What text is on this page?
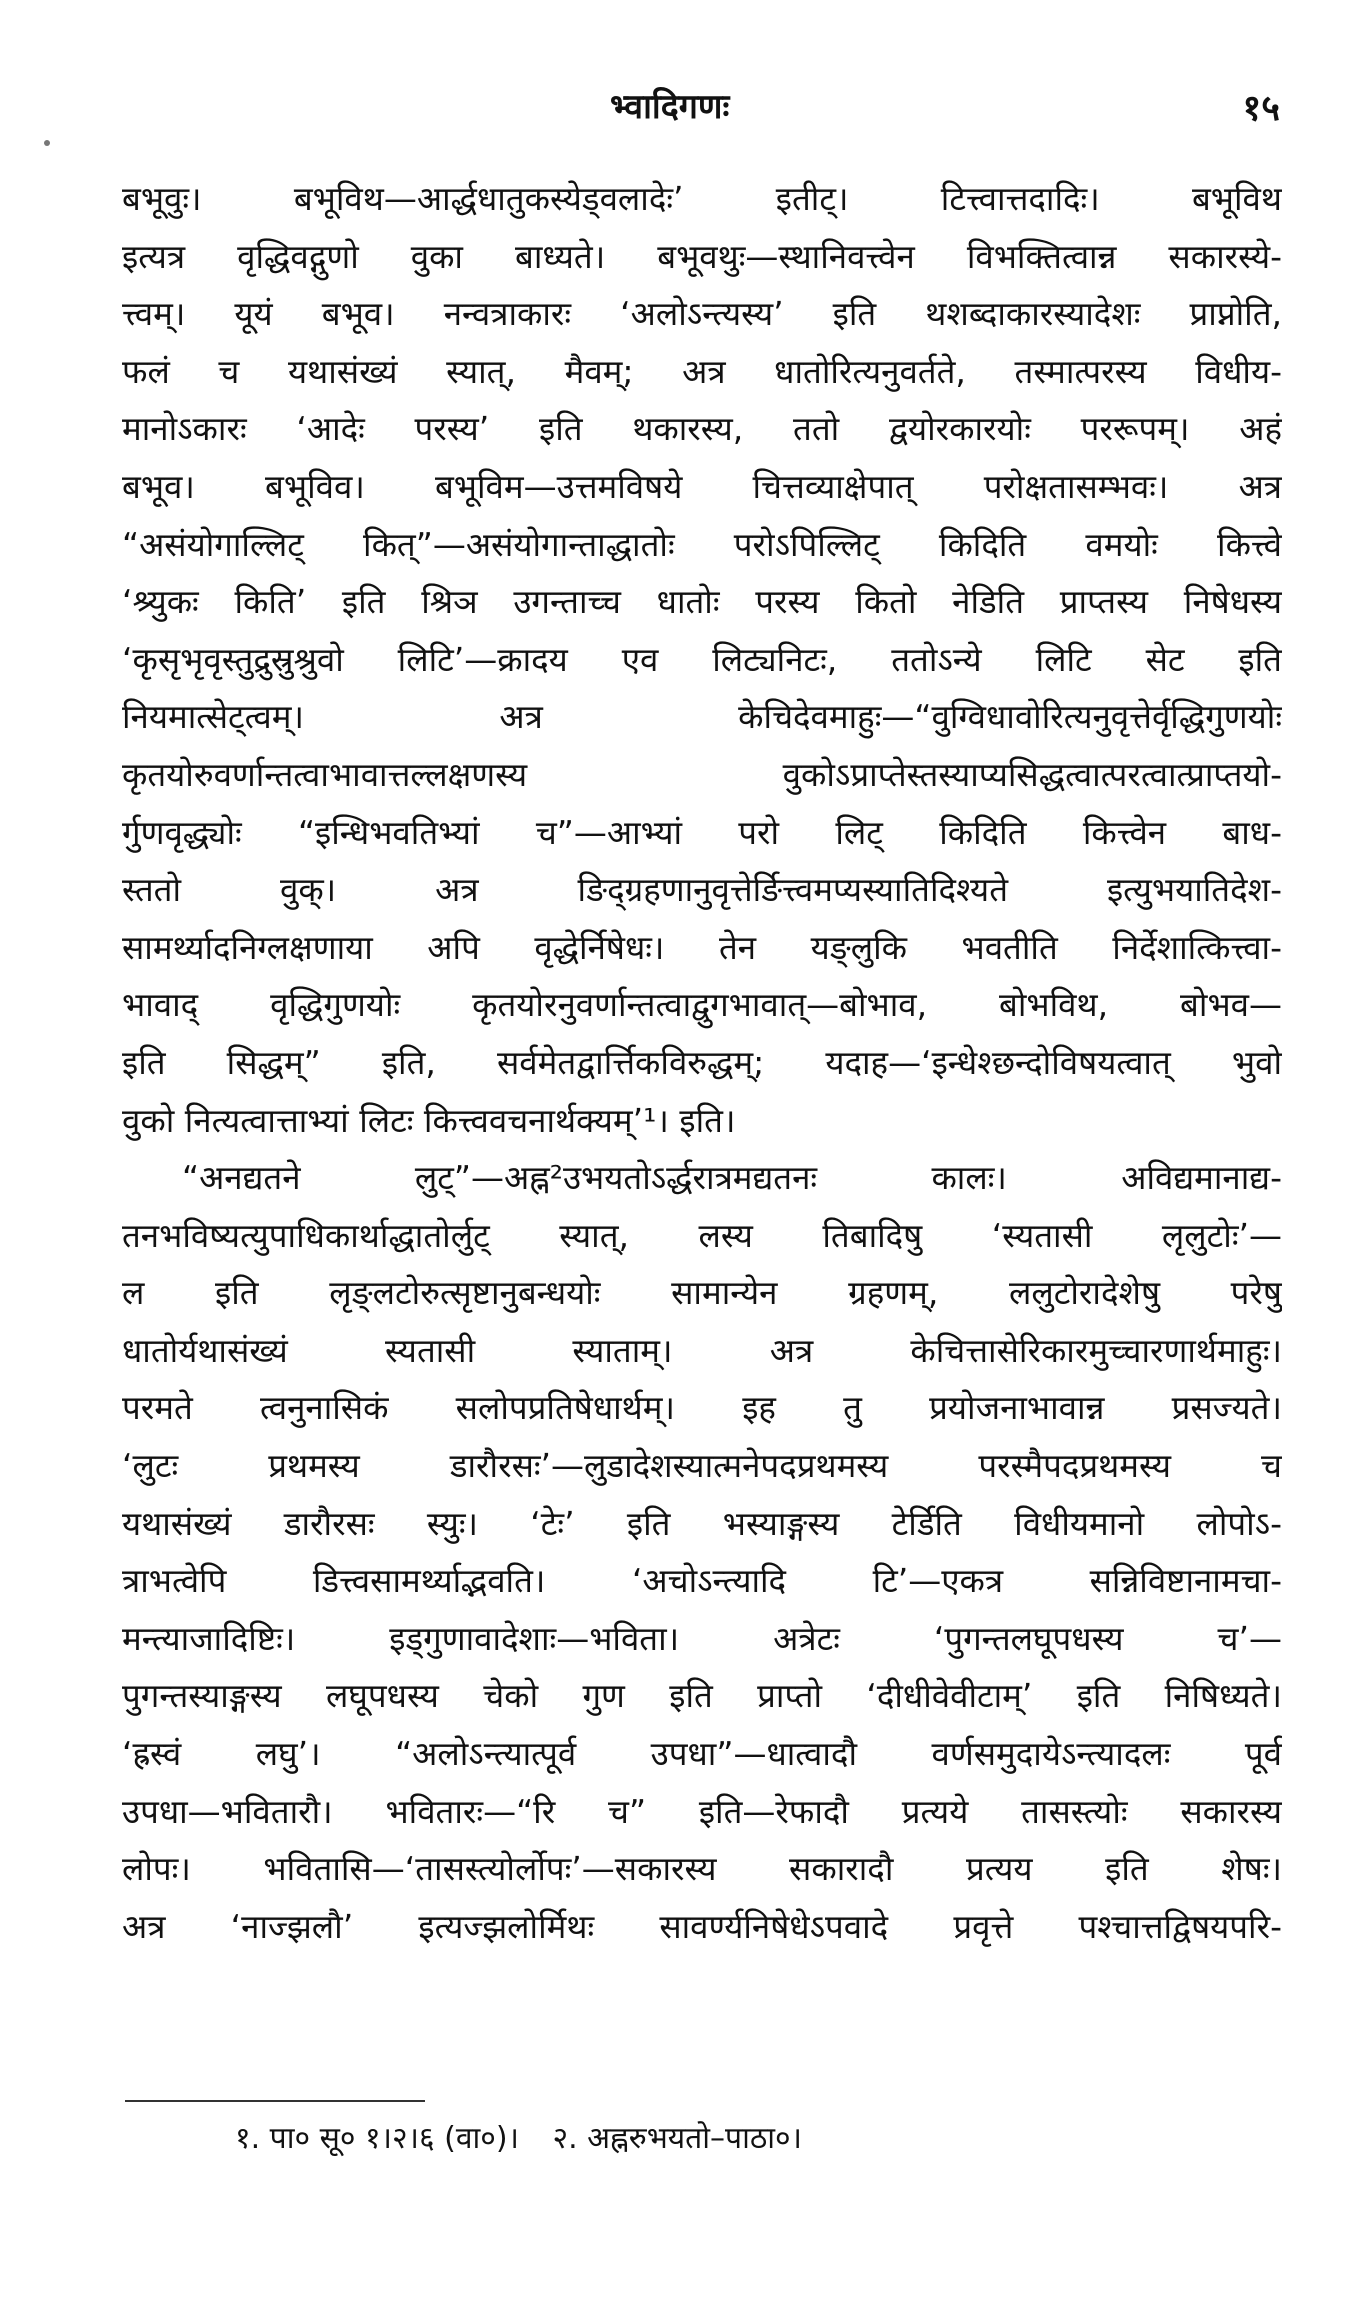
भ्वादिगणः	१५
बभूवुः। बभूविथ—आर्द्धधातुकस्येड्वलादेः’ इतीट्। टित्त्वात्तदादिः। बभूविथ
इत्यत्र वृद्धिवद्गुणो वुका बाध्यते। बभूवथुः—स्थानिवत्त्वेन विभक्तित्वान्न सकारस्ये-
त्त्वम्। यूयं बभूव। नन्वत्राकारः ‘अलोऽन्त्यस्य’ इति थशब्दाकारस्यादेशः प्राप्नोति,
फलं च यथासंख्यं स्यात्, मैवम्; अत्र धातोरित्यनुवर्तते, तस्मात्परस्य विधीय-
मानोऽकारः ‘आदेः परस्य’ इति थकारस्य, ततो द्वयोरकारयोः पररूपम्। अहं
बभूव। बभूविव। बभूविम—उत्तमविषये चित्तव्याक्षेपात् परोक्षतासम्भवः। अत्र
“असंयोगाल्लिट् कित्”—असंयोगान्ताद्धातोः परोऽपिल्लिट् किदिति वमयोः कित्त्वे
‘श्र्युकः किति’ इति श्रिञ उगन्ताच्च धातोः परस्य कितो नेडिति प्राप्तस्य निषेधस्य
‘कृसृभृवृस्तुद्रुस्रुश्रुवो लिटि’—क्रादय एव लिट्यनिटः, ततोऽन्ये लिटि सेट इति
नियमात्सेट्त्वम्। अत्र केचिदेवमाहुः—“वुग्विधावोरित्यनुवृत्तेर्वृद्धिगुणयोः
कृतयोरुवर्णान्तत्वाभावात्तल्लक्षणस्य वुकोऽप्राप्तेस्तस्याप्यसिद्धत्वात्परत्वात्प्राप्तयो-
र्गुणवृद्ध्योः “इन्धिभवतिभ्यां च”—आभ्यां परो लिट् किदिति कित्त्वेन बाध-
स्ततो वुक्। अत्र ङिद्ग्रहणानुवृत्तेर्ङित्त्वमप्यस्यातिदिश्यते इत्युभयातिदेश-
सामर्थ्यादनिग्लक्षणाया अपि वृद्धेर्निषेधः। तेन यङ्लुकि भवतीति निर्देशात्कित्त्वा-
भावाद् वृद्धिगुणयोः कृतयोरनुवर्णान्तत्वाद्वुगभावात्—बोभाव, बोभविथ, बोभव—
इति सिद्धम्” इति, सर्वमेतद्वार्त्तिकविरुद्धम्; यदाह—‘इन्धेश्छन्दोविषयत्वात् भुवो
वुको नित्यत्वात्ताभ्यां लिटः कित्त्ववचनार्थक्यम्’¹। इति।
“अनद्यतने लुट्”—अह्न²उभयतोऽर्द्धरात्रमद्यतनः कालः। अविद्यमानाद्य-
तनभविष्यत्युपाधिकार्थाद्धातोर्लुट् स्यात्, लस्य तिबादिषु ‘स्यतासी लृलुटोः’—
ल इति लृङ्लटोरुत्सृष्टानुबन्धयोः सामान्येन ग्रहणम्, ललुटोरादेशेषु परेषु
धातोर्यथासंख्यं स्यतासी स्याताम्। अत्र केचित्तासेरिकारमुच्चारणार्थमाहुः।
परमते त्वनुनासिकं सलोपप्रतिषेधार्थम्। इह तु प्रयोजनाभावान्न प्रसज्यते।
‘लुटः प्रथमस्य डारौरसः’—लुडादेशस्यात्मनेपदप्रथमस्य परस्मैपदप्रथमस्य च
यथासंख्यं डारौरसः स्युः। ‘टेः’ इति भस्याङ्गस्य टेर्डिति विधीयमानो लोपोऽ-
त्राभत्वेपि डित्त्वसामर्थ्याद्भवति। ‘अचोऽन्त्यादि टि’—एकत्र सन्निविष्टानामचा-
मन्त्याजादिष्टिः। इड्गुणावादेशाः—भविता। अत्रेटः ‘पुगन्तलघूपधस्य च’—
पुगन्तस्याङ्गस्य लघूपधस्य चेको गुण इति प्राप्तो ‘दीधीवेवीटाम्’ इति निषिध्यते।
‘ह्रस्वं लघु’। “अलोऽन्त्यात्पूर्व उपधा”—धात्वादौ वर्णसमुदायेऽन्त्यादलः पूर्व
उपधा—भवितारौ। भवितारः—“रि च” इति—रेफादौ प्रत्यये तासस्त्योः सकारस्य
लोपः। भवितासि—‘तासस्त्योर्लोपः’—सकारस्य सकारादौ प्रत्यय इति शेषः।
अत्र ‘नाज्झलौ’ इत्यज्झलोर्मिथः सावर्ण्यनिषेधेऽपवादे प्रवृत्ते पश्चात्तद्विषयपरि-
१. पा० सू० १।२।६ (वा०)। २. अह्नरुभयतो–पाठा०।
